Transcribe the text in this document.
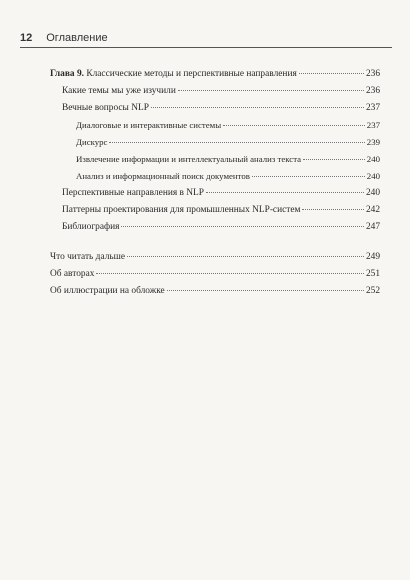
12 Оглавление
Глава 9. Классические методы и перспективные направления	236
Какие темы мы уже изучили	236
Вечные вопросы NLP	237
Диалоговые и интерактивные системы	237
Дискурс	239
Извлечение информации и интеллектуальный анализ текста	240
Анализ и информационный поиск документов	240
Перспективные направления в NLP	240
Паттерны проектирования для промышленных NLP-систем	242
Библиография	247
Что читать дальше	249
Об авторах	251
Об иллюстрации на обложке	252
